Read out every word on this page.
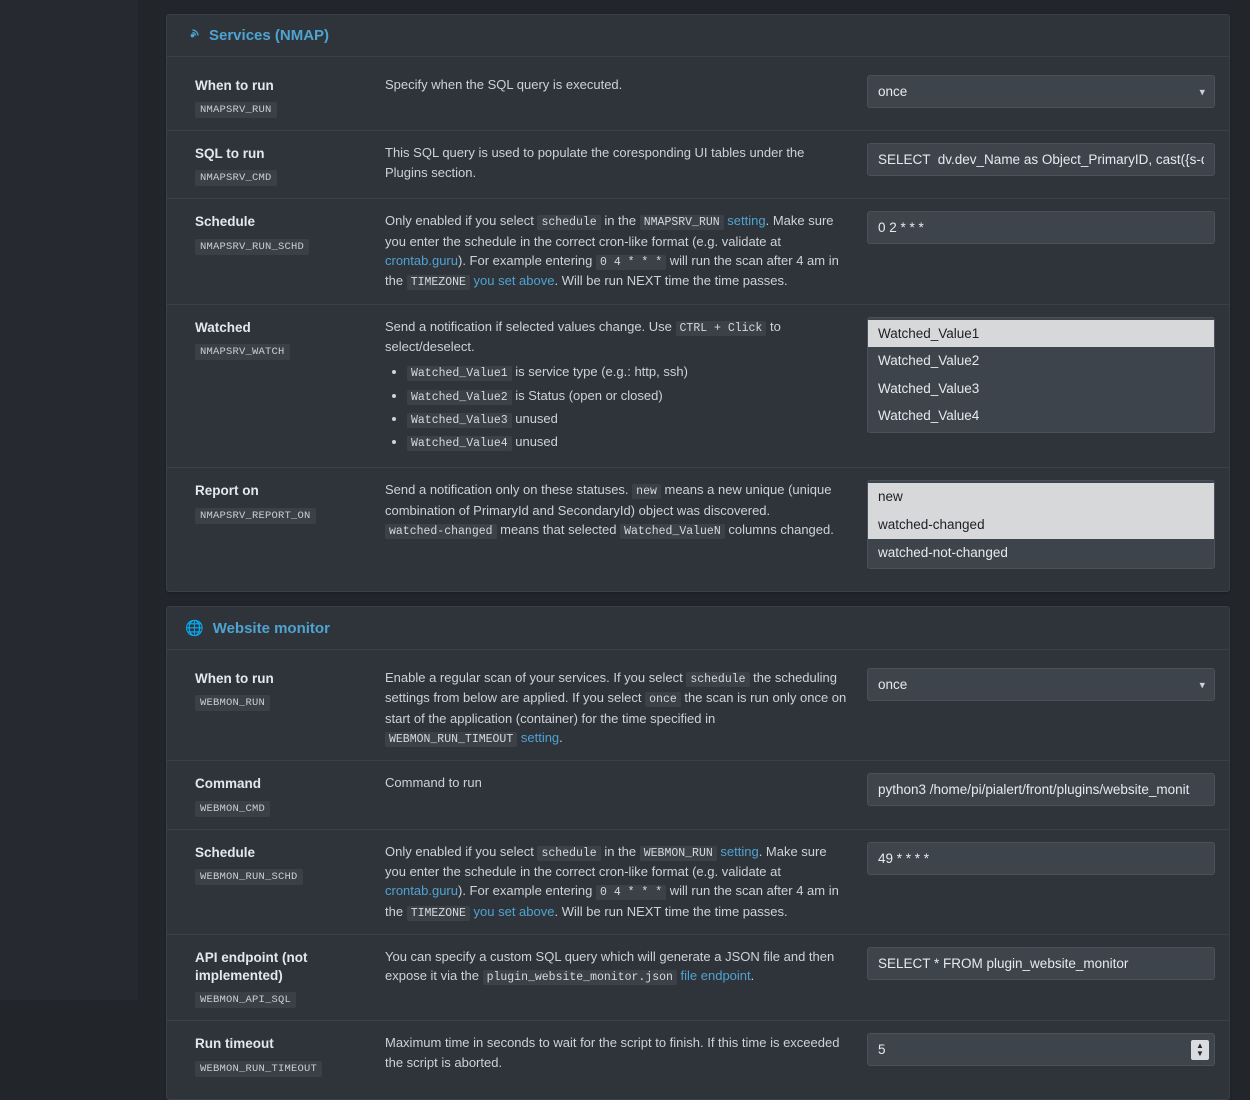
Services (NMAP)
When to run
NMAPSRV_RUN
Specify when the SQL query is executed.
once	▾
SQL to run
NMAPSRV_CMD
This SQL query is used to populate the coresponding UI tables under the Plugins section.
SELECT dv.dev_Name as Object_PrimaryID, cast({s-quo
Schedule
NMAPSRV_RUN_SCHD
Only enabled if you select schedule in the NMAPSRV_RUN setting. Make sure you enter the schedule in the correct cron-like format (e.g. validate at crontab.guru). For example entering 0 4 * * * will run the scan after 4 am in the TIMEZONE you set above. Will be run NEXT time the time passes.
0 2 * * *
Watched
NMAPSRV_WATCH
Send a notification if selected values change. Use CTRL + Click to select/deselect.
• Watched_Value1 is service type (e.g.: http, ssh)
• Watched_Value2 is Status (open or closed)
• Watched_Value3 unused
• Watched_Value4 unused
Watched_Value1
Watched_Value2
Watched_Value3
Watched_Value4
Report on
NMAPSRV_REPORT_ON
Send a notification only on these statuses. new means a new unique (unique combination of PrimaryId and SecondaryId) object was discovered. watched-changed means that selected Watched_ValueN columns changed.
new
watched-changed
watched-not-changed
🌐 Website monitor
When to run
WEBMON_RUN
Enable a regular scan of your services. If you select schedule the scheduling settings from below are applied. If you select once the scan is run only once on start of the application (container) for the time specified in WEBMON_RUN_TIMEOUT setting.
once
▾
Command
WEBMON_CMD
Command to run
python3 /home/pi/pialert/front/plugins/website_monit
Schedule
WEBMON_RUN_SCHD
Only enabled if you select schedule in the WEBMON_RUN setting. Make sure you enter the schedule in the correct cron-like format (e.g. validate at crontab.guru). For example entering 0 4 * * * will run the scan after 4 am in the TIMEZONE you set above. Will be run NEXT time the time passes.
49 * * * *
API endpoint (not implemented)
WEBMON_API_SQL
You can specify a custom SQL query which will generate a JSON file and then expose it via the plugin_website_monitor.json file endpoint.
SELECT * FROM plugin_website_monitor
Run timeout
WEBMON_RUN_TIMEOUT
Maximum time in seconds to wait for the script to finish. If this time is exceeded the script is aborted.
5
▲
▼
